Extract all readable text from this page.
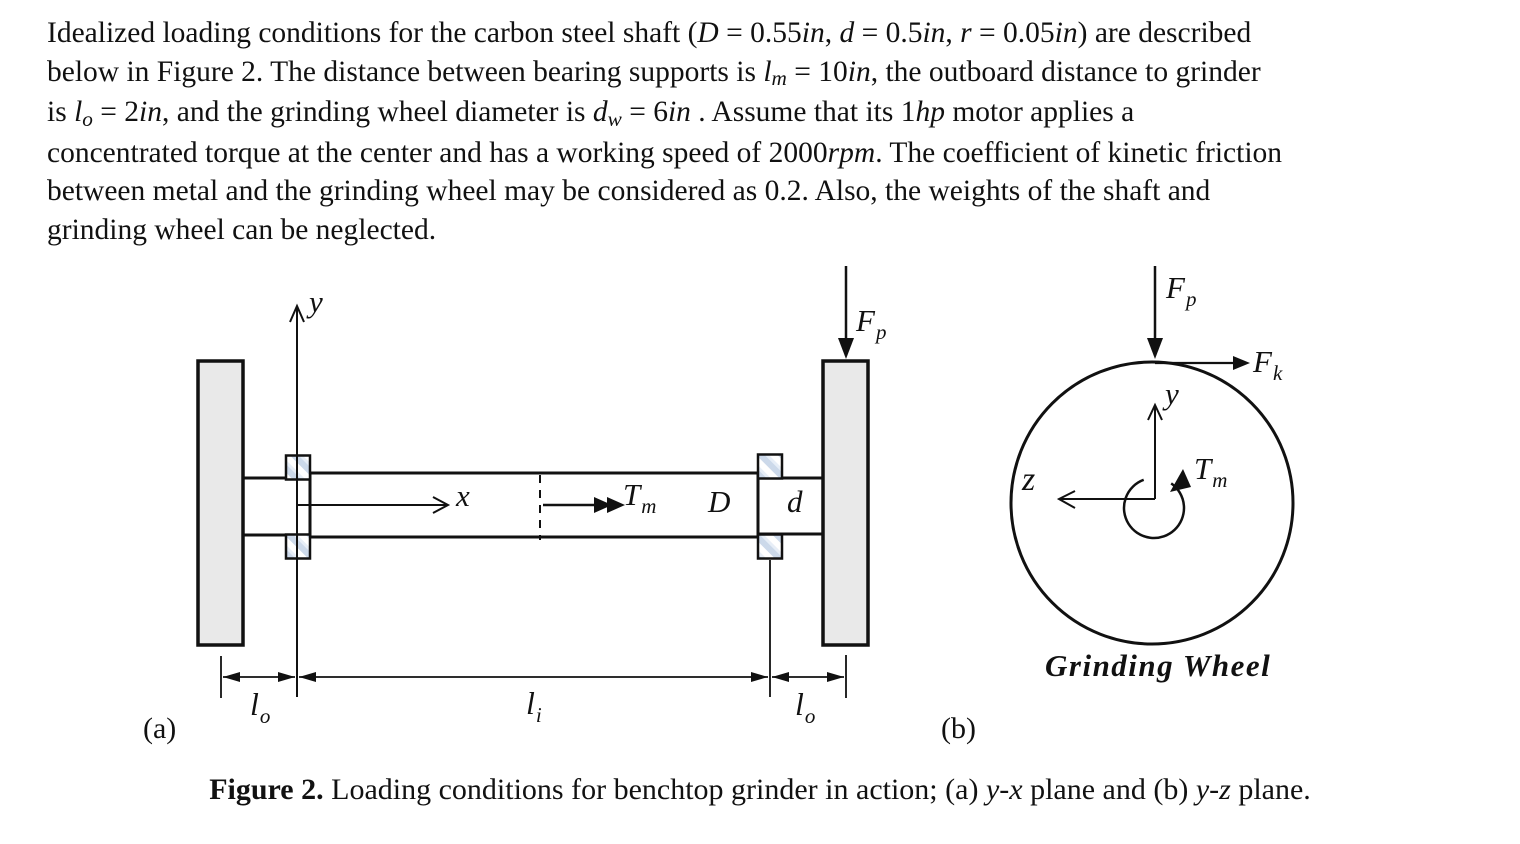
Idealized loading conditions for the carbon steel shaft (D = 0.55in, d = 0.5in, r = 0.05in) are described
below in Figure 2. The distance between bearing supports is lm = 10in, the outboard distance to grinder
is lo = 2in, and the grinding wheel diameter is dw = 6in . Assume that its 1hp motor applies a
concentrated torque at the center and has a working speed of 2000rpm. The coefficient of kinetic friction
between metal and the grinding wheel may be considered as 0.2. Also, the weights of the shaft and
grinding wheel can be neglected.
y
x	$T_m$ D d
$F_p$
$l_o$	$l_i$	$l_o$
(a)
$F_p$
$F_k$
y
z	$T_m$
Grinding Wheel
(b)
Figure 2. Loading conditions for benchtop grinder in action; (a) y-x plane and (b) y-z plane.
